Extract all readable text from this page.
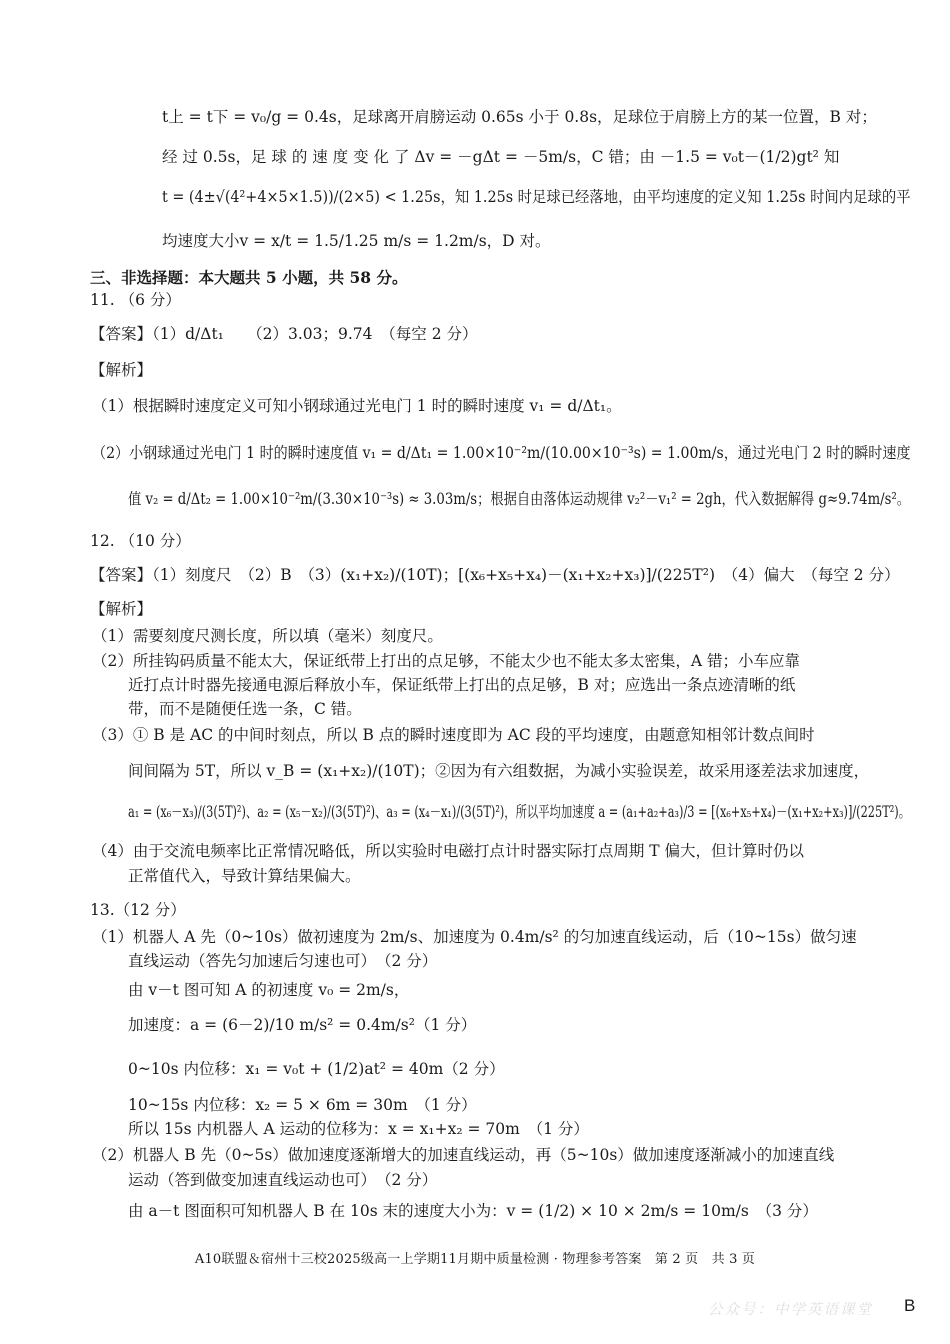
t上 = t下 = v₀/g = 0.4s，足球离开肩膀运动 0.65s 小于 0.8s，足球位于肩膀上方的某一位置，B 对；
经 过 0.5s，足 球 的 速 度 变 化 了 Δv = －gΔt = －5m/s，C 错；由 －1.5 = v₀t－(1/2)gt² 知
t = (4±√(4²+4×5×1.5))/(2×5) < 1.25s，知 1.25s 时足球已经落地，由平均速度的定义知 1.25s 时间内足球的平
均速度大小v = x/t = 1.5/1.25 m/s = 1.2m/s，D 对。
三、非选择题：本大题共 5 小题，共 58 分。
11. （6 分）
【答案】（1）d/Δt₁　　（2）3.03；9.74　（每空 2 分）
【解析】
（1）根据瞬时速度定义可知小钢球通过光电门 1 时的瞬时速度 v₁ = d/Δt₁。
（2）小钢球通过光电门 1 时的瞬时速度值 v₁ = d/Δt₁ = 1.00×10⁻²m/(10.00×10⁻³s) = 1.00m/s，通过光电门 2 时的瞬时速度
值 v₂ = d/Δt₂ = 1.00×10⁻²m/(3.30×10⁻³s) ≈ 3.03m/s；根据自由落体运动规律 v₂²－v₁² = 2gh，代入数据解得 g≈9.74m/s²。
12. （10 分）
【答案】（1）刻度尺　（2）B　（3）(x₁+x₂)/(10T)；[(x₆+x₅+x₄)－(x₁+x₂+x₃)]/(225T²)　（4）偏大　（每空 2 分）
【解析】
（1）需要刻度尺测长度，所以填（毫米）刻度尺。
（2）所挂钩码质量不能太大，保证纸带上打出的点足够，不能太少也不能太多太密集，A 错；小车应靠
近打点计时器先接通电源后释放小车，保证纸带上打出的点足够，B 对；应选出一条点迹清晰的纸
带，而不是随便任选一条，C 错。
（3）① B 是 AC 的中间时刻点，所以 B 点的瞬时速度即为 AC 段的平均速度，由题意知相邻计数点间时
间间隔为 5T，所以 v_B = (x₁+x₂)/(10T)；②因为有六组数据，为减小实验误差，故采用逐差法求加速度，
a₁ = (x₆－x₃)/(3(5T)²)、a₂ = (x₅－x₂)/(3(5T)²)、a₃ = (x₄－x₁)/(3(5T)²)，所以平均加速度 a = (a₁+a₂+a₃)/3 = [(x₆+x₅+x₄)－(x₁+x₂+x₃)]/(225T²)。
（4）由于交流电频率比正常情况略低，所以实验时电磁打点计时器实际打点周期 T 偏大，但计算时仍以
正常值代入，导致计算结果偏大。
13.（12 分）
（1）机器人 A 先（0~10s）做初速度为 2m/s、加速度为 0.4m/s² 的匀加速直线运动，后（10~15s）做匀速
直线运动（答先匀加速后匀速也可）　（2 分）
由 v－t 图可知 A 的初速度 v₀ = 2m/s，
加速度：a = (6－2)/10 m/s² = 0.4m/s²（1 分）
0~10s 内位移：x₁ = v₀t + (1/2)at² = 40m（2 分）
10~15s 内位移：x₂ = 5 × 6m = 30m　（1 分）
所以 15s 内机器人 A 运动的位移为：x = x₁+x₂ = 70m　（1 分）
（2）机器人 B 先（0~5s）做加速度逐渐增大的加速直线运动，再（5~10s）做加速度逐渐减小的加速直线
运动（答到做变加速直线运动也可）　（2 分）
由 a－t 图面积可知机器人 B 在 10s 末的速度大小为：v = (1/2) × 10 × 2m/s = 10m/s　（3 分）
A10联盟＆宿州十三校2025级高一上学期11月期中质量检测 · 物理参考答案　第 2 页　共 3 页
公众号：中学英语课堂 B
